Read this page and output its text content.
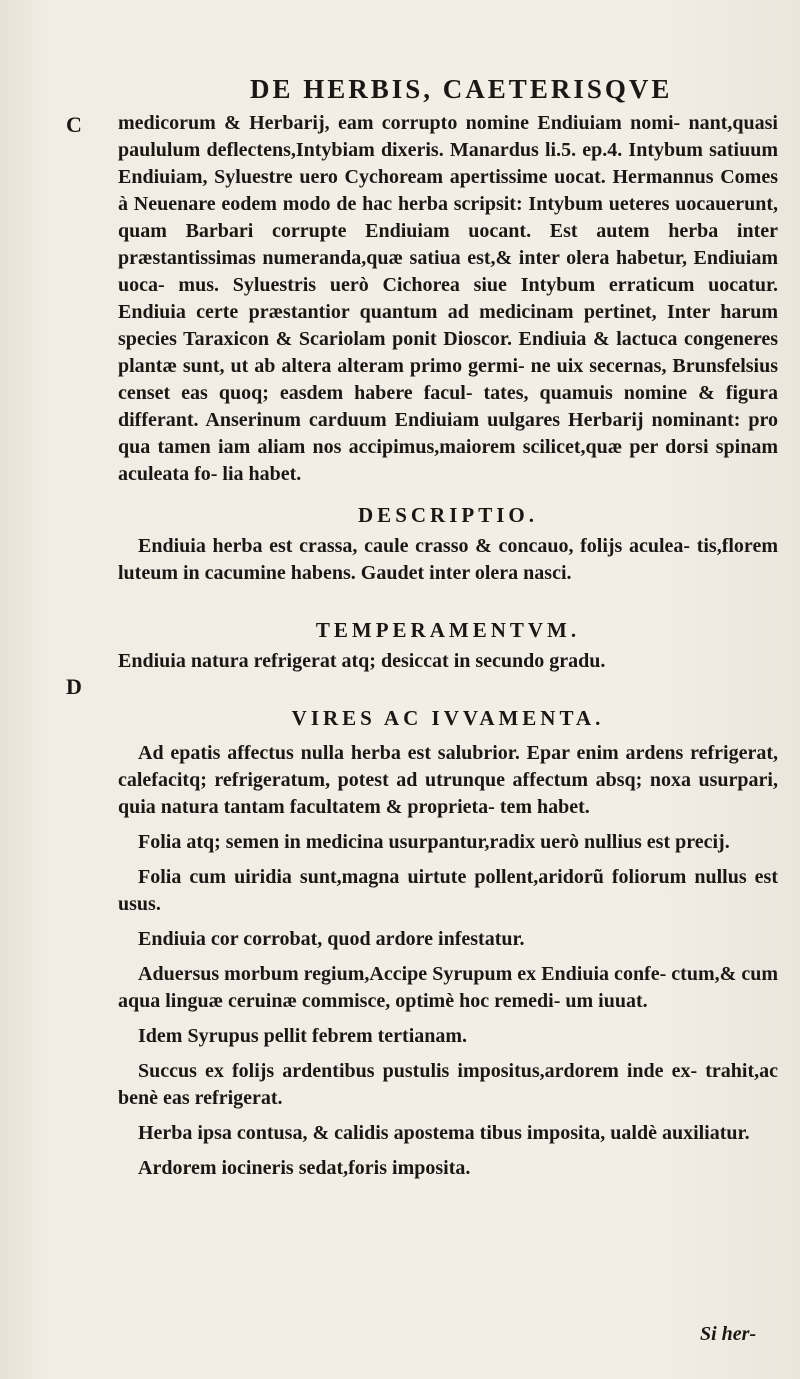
DE HERBIS, CAETERISQVE
C
D

medicorum & Herbarij, eam corrupto nomine Endiuiam nomi- nant,quasi paululum deflectens,Intybiam dixeris. Manardus li.5. ep.4. Intybum satiuum Endiuiam, Syluestre uero Cychoream apertissime uocat. Hermannus Comes à Neuenare eodem modo de hac herba scripsit: Intybum ueteres uocauerunt, quam Barbari corrupte Endiuiam uocant. Est autem herba inter præstantissimas numeranda,quæ satiua est,& inter olera habetur, Endiuiam uoca- mus. Syluestris uerò Cichorea siue Intybum erraticum uocatur. Endiuia certe præstantior quantum ad medicinam pertinet, Inter harum species Taraxicon & Scariolam ponit Dioscor. Endiuia & lactuca congeneres plantæ sunt, ut ab altera alteram primo germi- ne uix secernas, Brunsfelsius censet eas quoq; easdem habere facul- tates, quamuis nomine & figura differant. Anserinum carduum Endiuiam uulgares Herbarij nominant: pro qua tamen iam aliam nos accipimus,maiorem scilicet,quæ per dorsi spinam aculeata fo- lia habet.

DESCRIPTIO.

Endiuia herba est crassa, caule crasso & concauo, folijs aculea- tis,florem luteum in cacumine habens. Gaudet inter olera nasci.

TEMPERAMENTVM.

Endiuia natura refrigerat atq; desiccat in secundo gradu.

VIRES AC IVVAMENTA.

Ad epatis affectus nulla herba est salubrior. Epar enim ardens refrigerat, calefacitq; refrigeratum, potest ad utrunque affectum absq; noxa usurpari, quia natura tantam facultatem & proprieta- tem habet.

Folia atq; semen in medicina usurpantur,radix uerò nullius est precij.

Folia cum uiridia sunt,magna uirtute pollent,aridorũ foliorum nullus est usus.

Endiuia cor corrobat, quod ardore infestatur.

Aduersus morbum regium,Accipe Syrupum ex Endiuia confe- ctum,& cum aqua linguæ ceruinæ commisce, optimè hoc remedi- um iuuat.

Idem Syrupus pellit febrem tertianam.

Succus ex folijs ardentibus pustulis impositus,ardorem inde ex- trahit,ac benè eas refrigerat.

Herba ipsa contusa, & calidis apostema tibus imposita, ualdè auxiliatur.

Ardorem iocineris sedat,foris imposita.

Si her-
